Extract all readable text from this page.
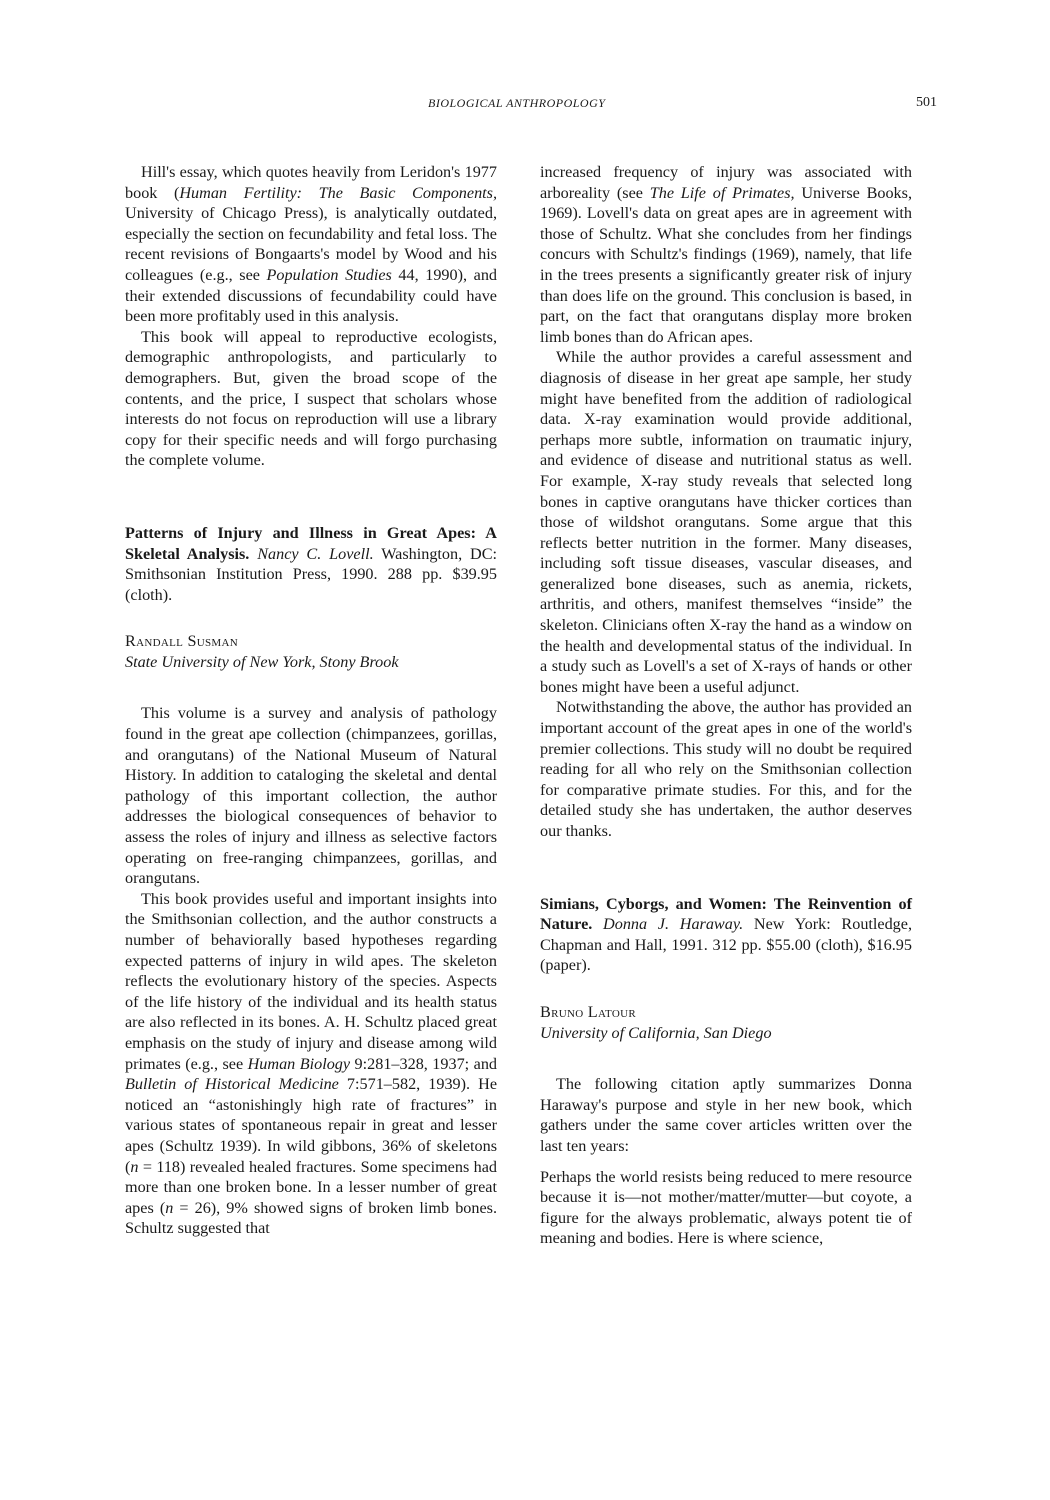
BIOLOGICAL ANTHROPOLOGY	501

Hill's essay, which quotes heavily from Leridon's 1977 book (Human Fertility: The Basic Components, University of Chicago Press), is analytically outdated, especially the section on fecundability and fetal loss. The recent revisions of Bongaarts's model by Wood and his colleagues (e.g., see Population Studies 44, 1990), and their extended discussions of fecundability could have been more profitably used in this analysis.

This book will appeal to reproductive ecologists, demographic anthropologists, and particularly to demographers. But, given the broad scope of the contents, and the price, I suspect that scholars whose interests do not focus on reproduction will use a library copy for their specific needs and will forgo purchasing the complete volume.

Patterns of Injury and Illness in Great Apes: A Skeletal Analysis. Nancy C. Lovell. Washington, DC: Smithsonian Institution Press, 1990. 288 pp. $39.95 (cloth).

Randall Susman

State University of New York, Stony Brook

This volume is a survey and analysis of pathology found in the great ape collection (chimpanzees, gorillas, and orangutans) of the National Museum of Natural History. In addition to cataloging the skeletal and dental pathology of this important collection, the author addresses the biological consequences of behavior to assess the roles of injury and illness as selective factors operating on free-ranging chimpanzees, gorillas, and orangutans.

This book provides useful and important insights into the Smithsonian collection, and the author constructs a number of behaviorally based hypotheses regarding expected patterns of injury in wild apes. The skeleton reflects the evolutionary history of the species. Aspects of the life history of the individual and its health status are also reflected in its bones. A. H. Schultz placed great emphasis on the study of injury and disease among wild primates (e.g., see Human Biology 9:281–328, 1937; and Bulletin of Historical Medicine 7:571–582, 1939). He noticed an “astonishingly high rate of fractures” in various states of spontaneous repair in great and lesser apes (Schultz 1939). In wild gibbons, 36% of skeletons (n = 118) revealed healed fractures. Some specimens had more than one broken bone. In a lesser number of great apes (n = 26), 9% showed signs of broken limb bones. Schultz suggested that

increased frequency of injury was associated with arboreality (see The Life of Primates, Universe Books, 1969). Lovell's data on great apes are in agreement with those of Schultz. What she concludes from her findings concurs with Schultz's findings (1969), namely, that life in the trees presents a significantly greater risk of injury than does life on the ground. This conclusion is based, in part, on the fact that orangutans display more broken limb bones than do African apes.

While the author provides a careful assessment and diagnosis of disease in her great ape sample, her study might have benefited from the addition of radiological data. X-ray examination would provide additional, perhaps more subtle, information on traumatic injury, and evidence of disease and nutritional status as well. For example, X-ray study reveals that selected long bones in captive orangutans have thicker cortices than those of wildshot orangutans. Some argue that this reflects better nutrition in the former. Many diseases, including soft tissue diseases, vascular diseases, and generalized bone diseases, such as anemia, rickets, arthritis, and others, manifest themselves “inside” the skeleton. Clinicians often X-ray the hand as a window on the health and developmental status of the individual. In a study such as Lovell's a set of X-rays of hands or other bones might have been a useful adjunct.

Notwithstanding the above, the author has provided an important account of the great apes in one of the world's premier collections. This study will no doubt be required reading for all who rely on the Smithsonian collection for comparative primate studies. For this, and for the detailed study she has undertaken, the author deserves our thanks.

Simians, Cyborgs, and Women: The Reinvention of Nature. Donna J. Haraway. New York: Routledge, Chapman and Hall, 1991. 312 pp. $55.00 (cloth), $16.95 (paper).

Bruno Latour

University of California, San Diego

The following citation aptly summarizes Donna Haraway's purpose and style in her new book, which gathers under the same cover articles written over the last ten years:

Perhaps the world resists being reduced to mere resource because it is—not mother/matter/mutter—but coyote, a figure for the always problematic, always potent tie of meaning and bodies. Here is where science,
